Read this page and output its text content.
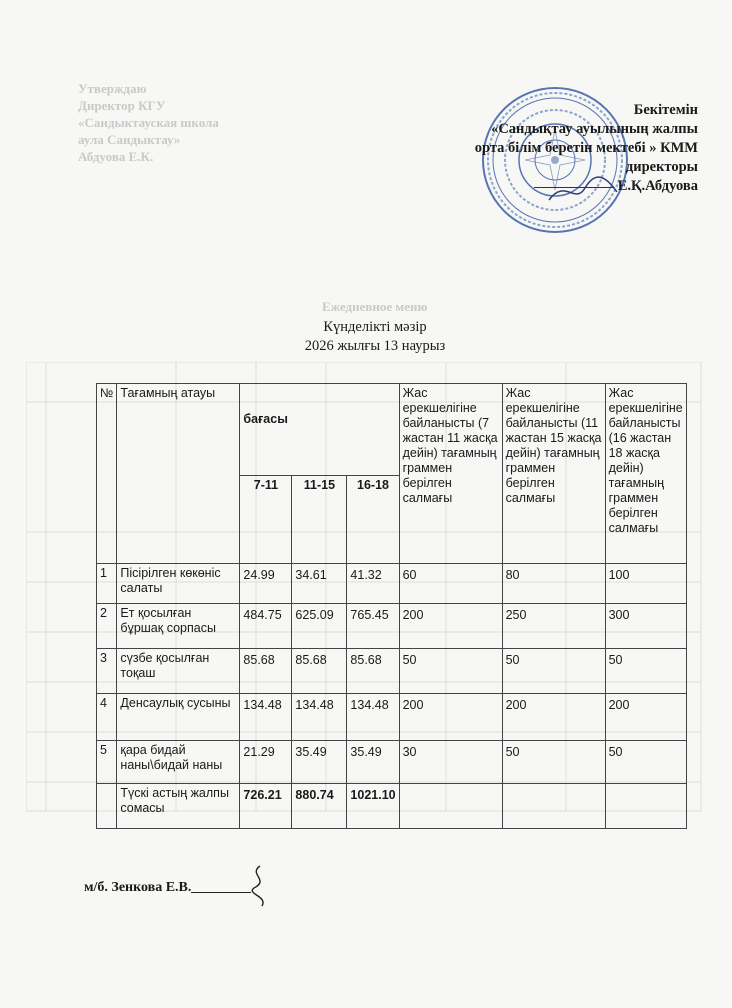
Утверждаю
Директор КГУ
«Сандыктауская школа
аула Сандыктау»
Абдуова Е.К.
Ежедневное меню
Бекітемін
«Сандықтау ауылының жалпы
орта білім беретін мектебі » КММ
директоры
Е.Қ.Абдуова
Күнделікті мәзір
2026 жылғы 13 наурыз
№	Тағамның атауы	бағасы			Жас ерекшелігіне байланысты (7 жастан 11 жасқа дейін) тағамның граммен берілген салмағы	Жас ерекшелігіне байланысты (11 жастан 15 жасқа дейін) тағамның граммен берілген салмағы	Жас ерекшелігіне байланысты (16 жастан 18 жасқа дейін) тағамның граммен берілген салмағы
		7-11	11-15	16-18			
1	Пісірілген көкөніс салаты	24.99	34.61	41.32	60	80	100
2	Ет қосылған бұршақ сорпасы	484.75	625.09	765.45	200	250	300
3	сүзбе қосылған тоқаш	85.68	85.68	85.68	50	50	50
4	Денсаулық сусыны	134.48	134.48	134.48	200	200	200
5	қара бидай наны\бидай наны	21.29	35.49	35.49	30	50	50
	Түскі астың жалпы сомасы	726.21	880.74	1021.10			
м/б. Зенкова Е.В.
